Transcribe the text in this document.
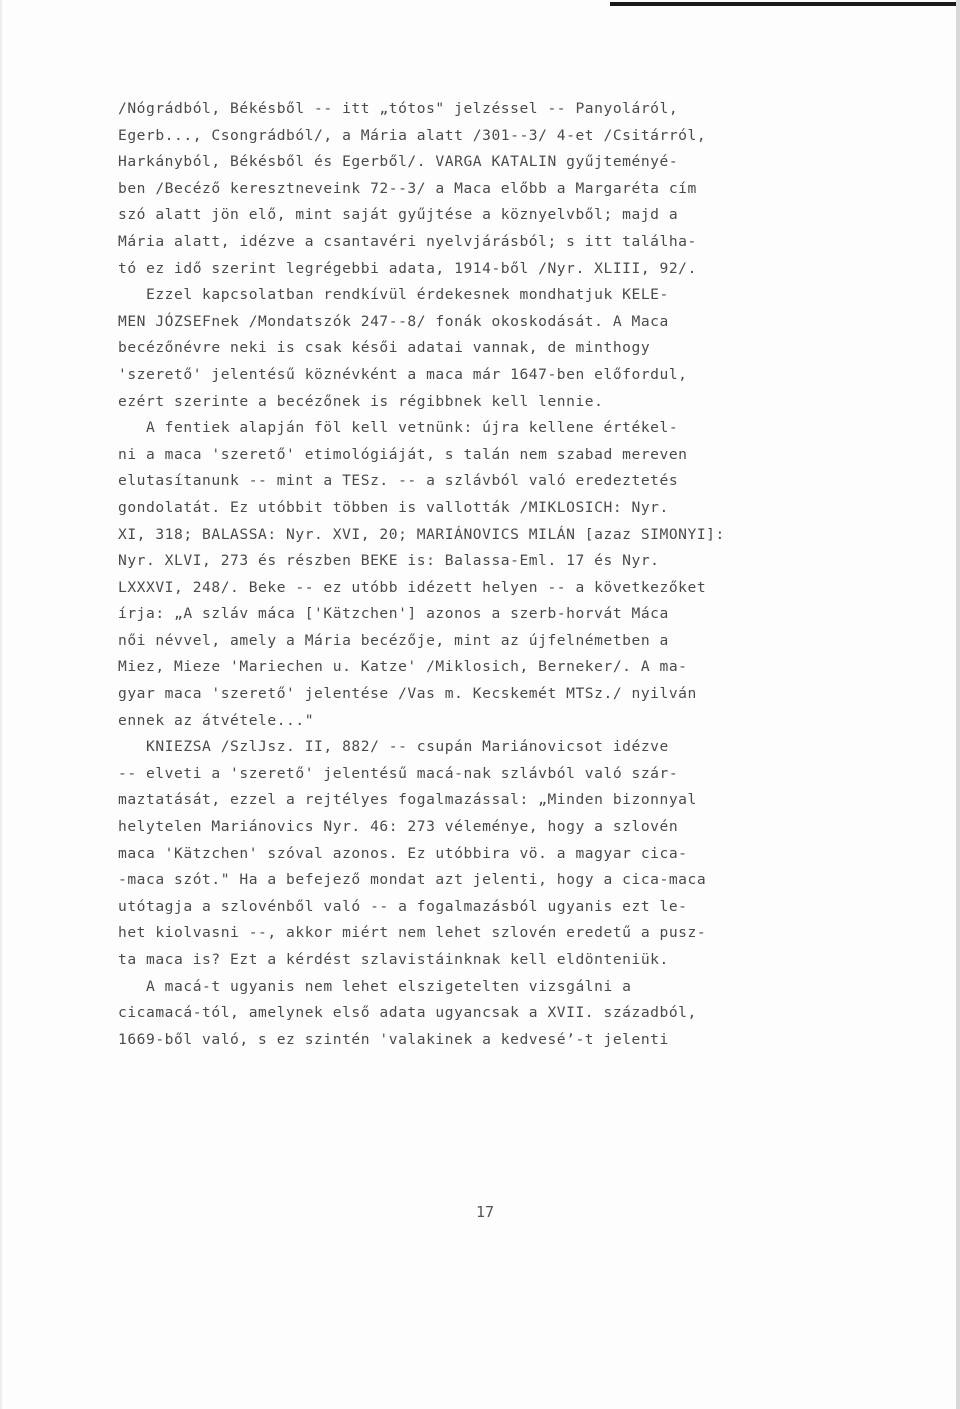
/Nógrádból, Békésből -- itt „tótos" jelzéssel -- Panyoláról,
Egerb..., Csongrádból/, a Mária alatt /301--3/ 4-et /Csitárról,
Harkányból, Békésből és Egerből/. VARGA KATALIN gyűjteményé-
ben /Becéző keresztneveink 72--3/ a Maca előbb a Margaréta cím
szó alatt jön elő, mint saját gyűjtése a köznyelvből; majd a
Mária alatt, idézve a csantavéri nyelvjárásból; s itt találha-
tó ez idő szerint legrégebbi adata, 1914-ből /Nyr. XLIII, 92/.
Ezzel kapcsolatban rendkívül érdekesnek mondhatjuk KELE-
MEN JÓZSEFnek /Mondatszók 247--8/ fonák okoskodását. A Maca
becézőnévre neki is csak késői adatai vannak, de minthogy
'szerető' jelentésű köznévként a maca már 1647-ben előfordul,
ezért szerinte a becézőnek is régibbnek kell lennie.
A fentiek alapján föl kell vetnünk: újra kellene értékel-
ni a maca 'szerető' etimológiáját, s talán nem szabad mereven
elutasítanunk -- mint a TESz. -- a szlávból való eredeztetés
gondolatát. Ez utóbbit többen is vallották /MIKLOSICH: Nyr.
XI, 318; BALASSA: Nyr. XVI, 20; MARIÁNOVICS MILÁN [azaz SIMONYI]:
Nyr. XLVI, 273 és részben BEKE is: Balassa-Eml. 17 és Nyr.
LXXXVI, 248/. Beke -- ez utóbb idézett helyen -- a következőket
írja: „A szláv máca ['Kätzchen'] azonos a szerb-horvát Máca
női névvel, amely a Mária becézője, mint az újfelnémetben a
Miez, Mieze 'Mariechen u. Katze' /Miklosich, Berneker/. A ma-
gyar maca 'szerető' jelentése /Vas m. Kecskemét MTSz./ nyilván
ennek az átvétele..."
KNIEZSA /SzlJsz. II, 882/ -- csupán Mariánovicsot idézve
-- elveti a 'szerető' jelentésű macá-nak szlávból való szár-
maztatását, ezzel a rejtélyes fogalmazással: „Minden bizonnyal
helytelen Mariánovics Nyr. 46: 273 véleménye, hogy a szlovén
maca 'Kätzchen' szóval azonos. Ez utóbbira vö. a magyar cica-
-maca szót." Ha a befejező mondat azt jelenti, hogy a cica-maca
utótagja a szlovénből való -- a fogalmazásból ugyanis ezt le-
het kiolvasni --, akkor miért nem lehet szlovén eredetű a pusz-
ta maca is? Ezt a kérdést szlavistáinknak kell eldönteniük.
A macá-t ugyanis nem lehet elszigetelten vizsgálni a
cicamacá-tól, amelynek első adata ugyancsak a XVII. századból,
1669-ből való, s ez szintén 'valakinek a kedveséʼ-t jelenti
17
